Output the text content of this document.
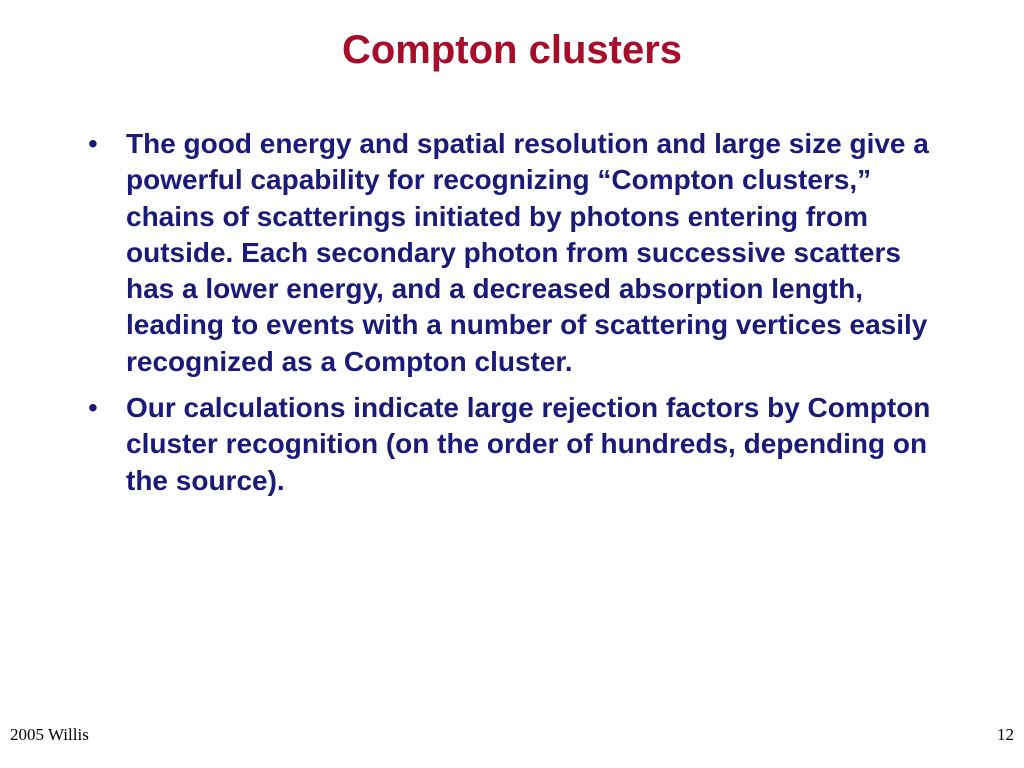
Compton clusters
• The good energy and spatial resolution and large size give a powerful capability for recognizing “Compton clusters,” chains of scatterings initiated by photons entering from outside. Each secondary photon from successive scatters has a lower energy, and a decreased absorption length, leading to events with a number of scattering vertices easily recognized as a Compton cluster.
• Our calculations indicate large rejection factors by Compton cluster recognition (on the order of hundreds, depending on the source).
2005 Willis	12
